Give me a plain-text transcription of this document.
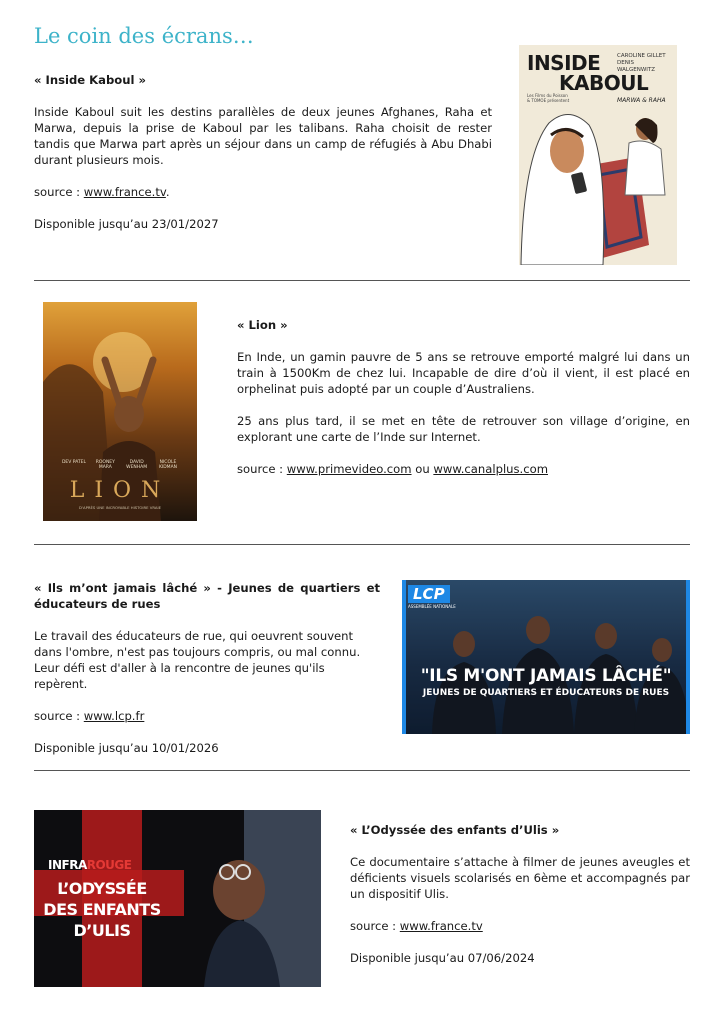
Le coin des écrans…

« Inside Kaboul »

Inside Kaboul suit les destins parallèles de deux jeunes Afghanes, Raha et Marwa, depuis la prise de Kaboul par les talibans. Raha choisit de rester tandis que Marwa part après un séjour dans un camp de réfugiés à Abu Dhabi durant plusieurs mois.

source : www.france.tv.

Disponible jusqu’au 23/01/2027

INSIDE
KABOUL
CAROLINE GILLET DENIS WALGENWITZ
Les Films du Poisson & TOMOE présentent	MARWA & RAHA
DEV PATEL	ROONEY MARA
DAVID WENHAM
NICOLE KIDMAN
LION
D'APRÈS UNE INCROYABLE HISTOIRE VRAIE

« Lion »

En Inde, un gamin pauvre de 5 ans se retrouve emporté malgré lui dans un train à 1500Km de chez lui. Incapable de dire d’où il vient, il est placé en orphelinat puis adopté par un couple d’Australiens.

25 ans plus tard, il se met en tête de retrouver son village d’origine, en explorant une carte de l’Inde sur Internet.

source : www.primevideo.com ou www.canalplus.com

« Ils m’ont jamais lâché » - Jeunes de quartiers et éducateurs de rues

Le travail des éducateurs de rue, qui oeuvrent souvent dans l'ombre, n'est pas toujours compris, ou mal connu. Leur défi est d'aller à la rencontre de jeunes qu'ils repèrent.

source : www.lcp.fr

Disponible jusqu’au 10/01/2026

LCP
ASSEMBLÉE NATIONALE
"ILS M'ONT JAMAIS LÂCHÉ"
JEUNES DE QUARTIERS ET ÉDUCATEURS DE RUES
INFRAROUGE
L’ODYSSÉE
DES ENFANTS
D’ULIS

« L’Odyssée des enfants d’Ulis »

Ce documentaire s’attache à filmer de jeunes aveugles et déficients visuels scolarisés en 6ème et accompagnés par un dispositif Ulis.

source : www.france.tv

Disponible jusqu’au 07/06/2024
